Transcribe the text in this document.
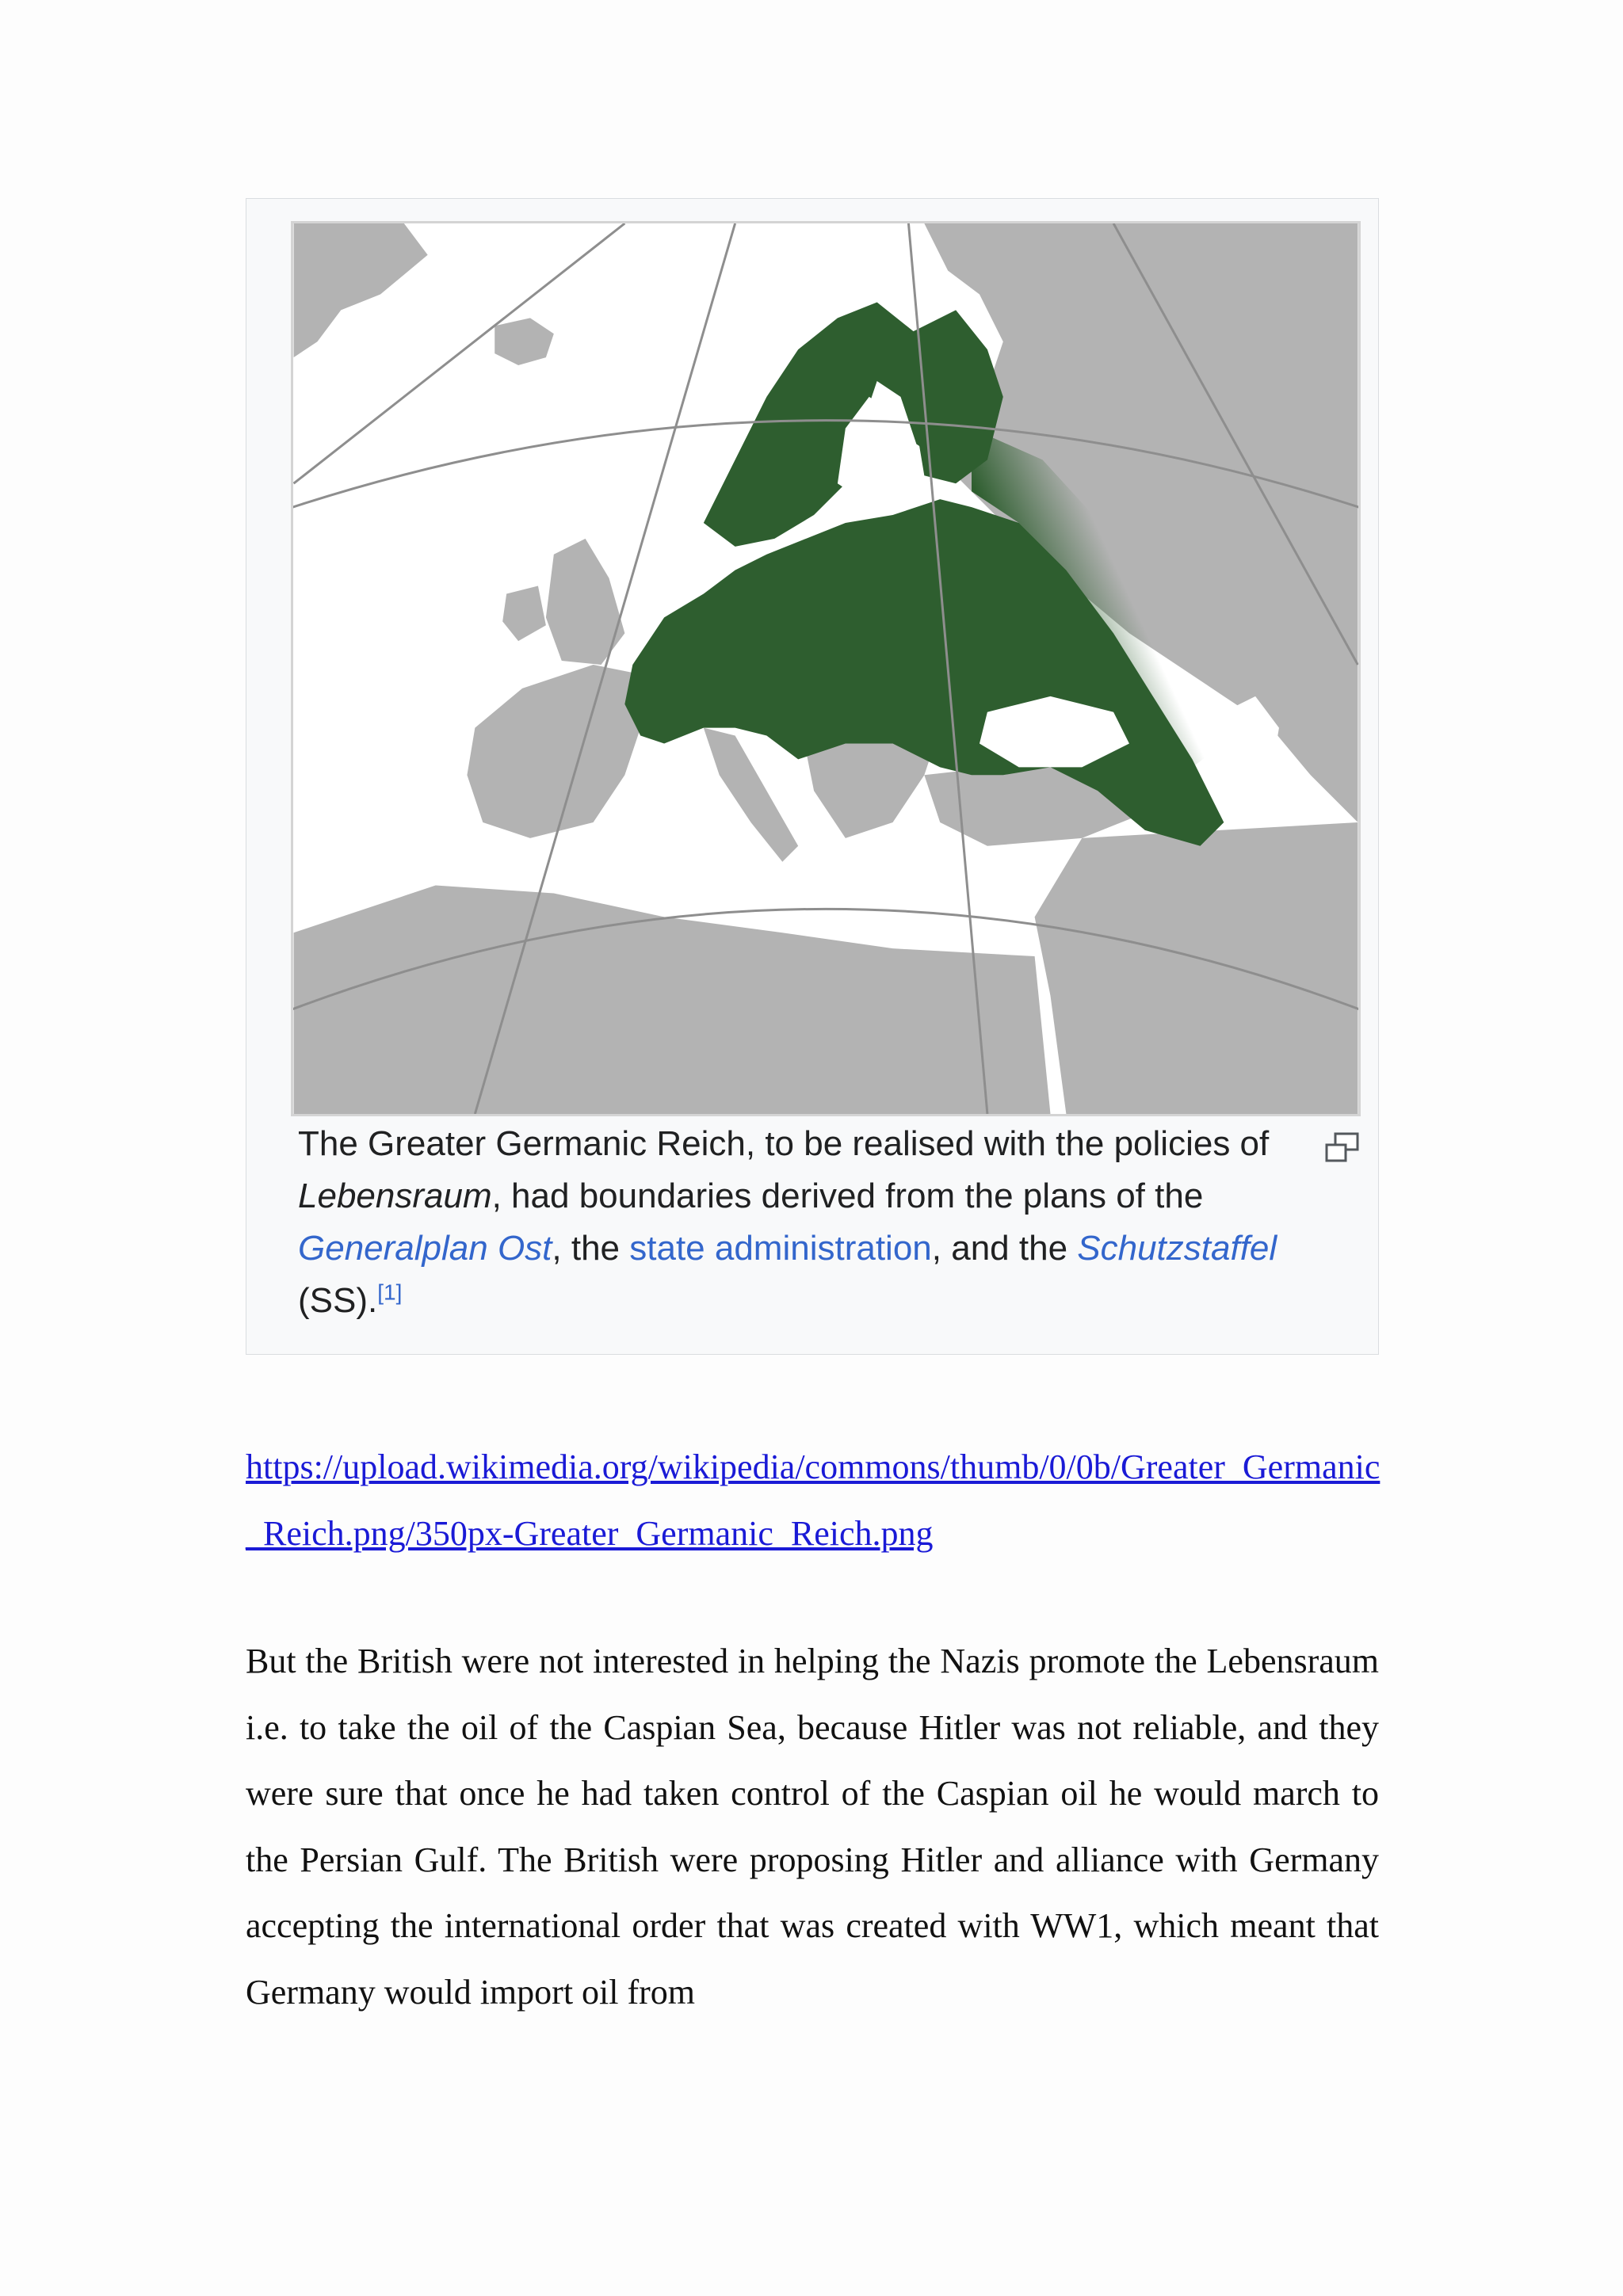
The Greater Germanic Reich, to be realised with the policies of Lebensraum, had boundaries derived from the plans of the Generalplan Ost, the state administration, and the Schutzstaffel (SS).[1]
https://upload.wikimedia.org/wikipedia/commons/thumb/0/0b/Greater_Germanic_Reich.png/350px-Greater_Germanic_Reich.png
But the British were not interested in helping the Nazis promote the Lebensraum i.e. to take the oil of the Caspian Sea, because Hitler was not reliable, and they were sure that once he had taken control of the Caspian oil he would march to the Persian Gulf. The British were proposing Hitler and alliance with Germany accepting the international order that was created with WW1, which meant that Germany would import oil from
